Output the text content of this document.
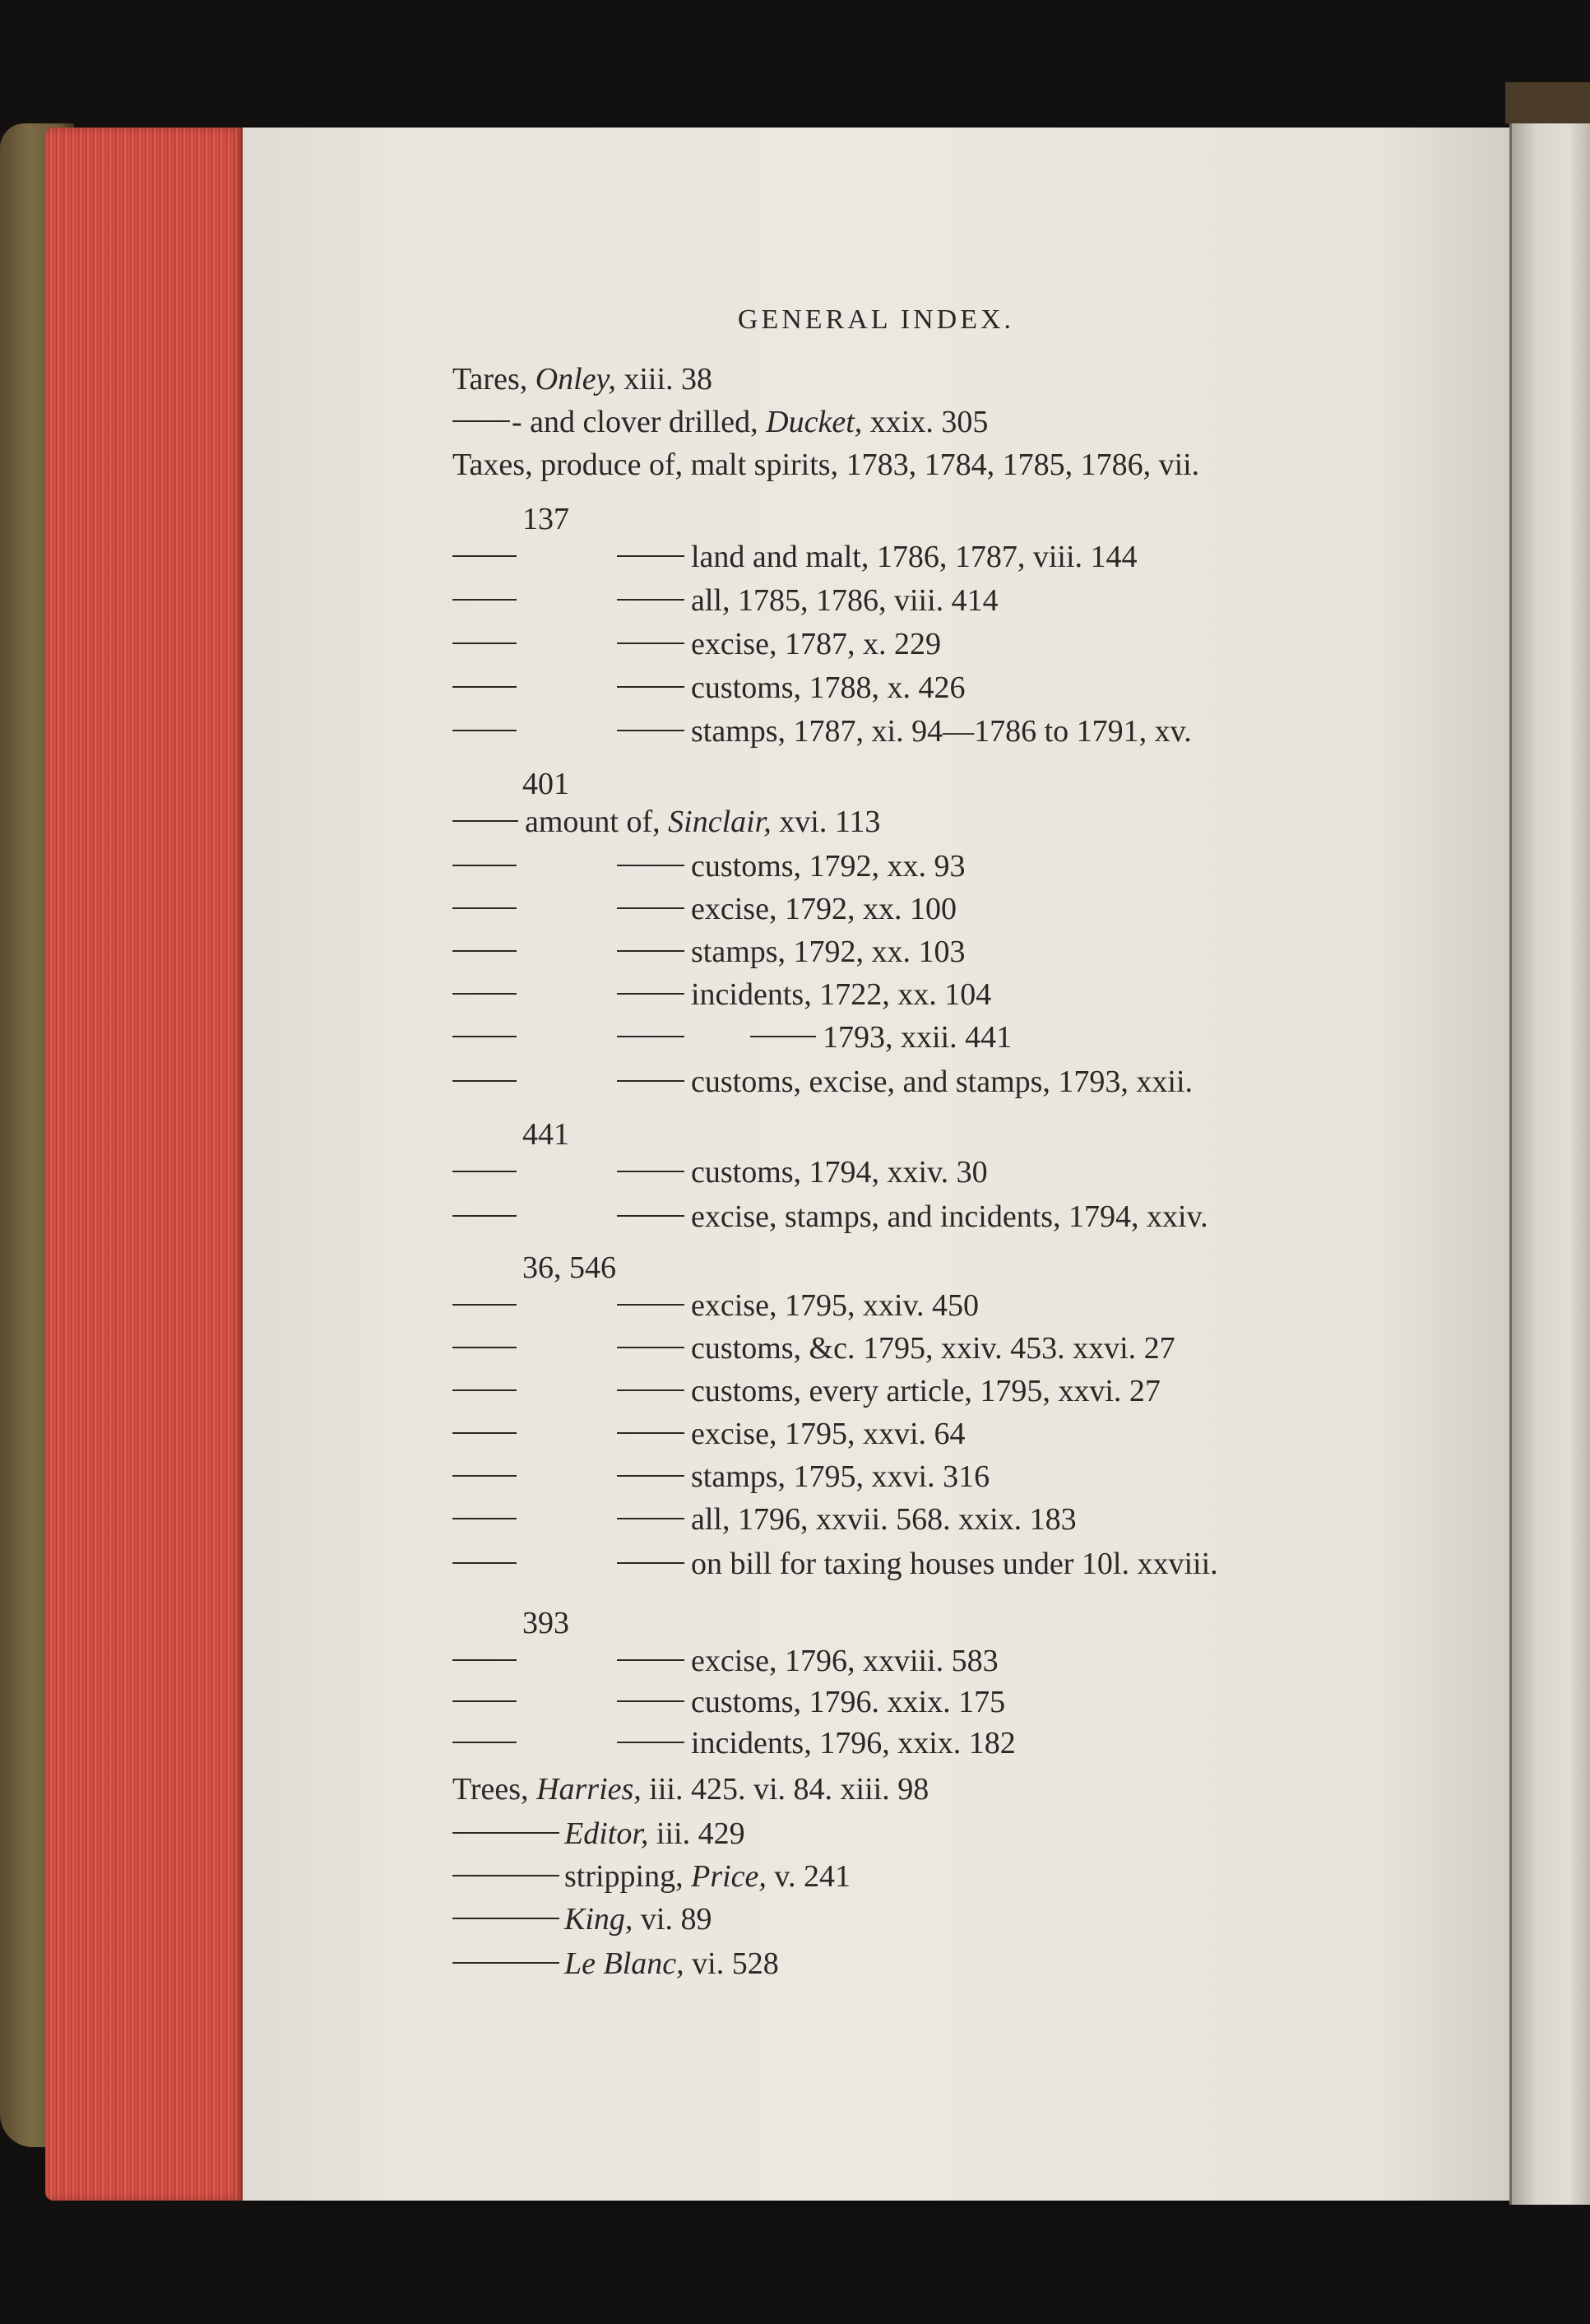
GENERAL INDEX.
Tares, Onley, xiii. 38
- and clover drilled, Ducket, xxix. 305
Taxes, produce of, malt spirits, 1783, 1784, 1785, 1786, vii.
137
land and malt, 1786, 1787, viii. 144
all, 1785, 1786, viii. 414
excise, 1787, x. 229
customs, 1788, x. 426
stamps, 1787, xi. 94—1786 to 1791, xv.
401
amount of, Sinclair, xvi. 113
customs, 1792, xx. 93
excise, 1792, xx. 100
stamps, 1792, xx. 103
incidents, 1722, xx. 104
1793, xxii. 441
customs, excise, and stamps, 1793, xxii.
441
customs, 1794, xxiv. 30
excise, stamps, and incidents, 1794, xxiv.
36, 546
excise, 1795, xxiv. 450
customs, &c. 1795, xxiv. 453. xxvi. 27
customs, every article, 1795, xxvi. 27
excise, 1795, xxvi. 64
stamps, 1795, xxvi. 316
all, 1796, xxvii. 568. xxix. 183
on bill for taxing houses under 10l. xxviii.
393
excise, 1796, xxviii. 583
customs, 1796. xxix. 175
incidents, 1796, xxix. 182
Trees, Harries, iii. 425. vi. 84. xiii. 98
Editor, iii. 429
stripping, Price, v. 241
King, vi. 89
Le Blanc, vi. 528
